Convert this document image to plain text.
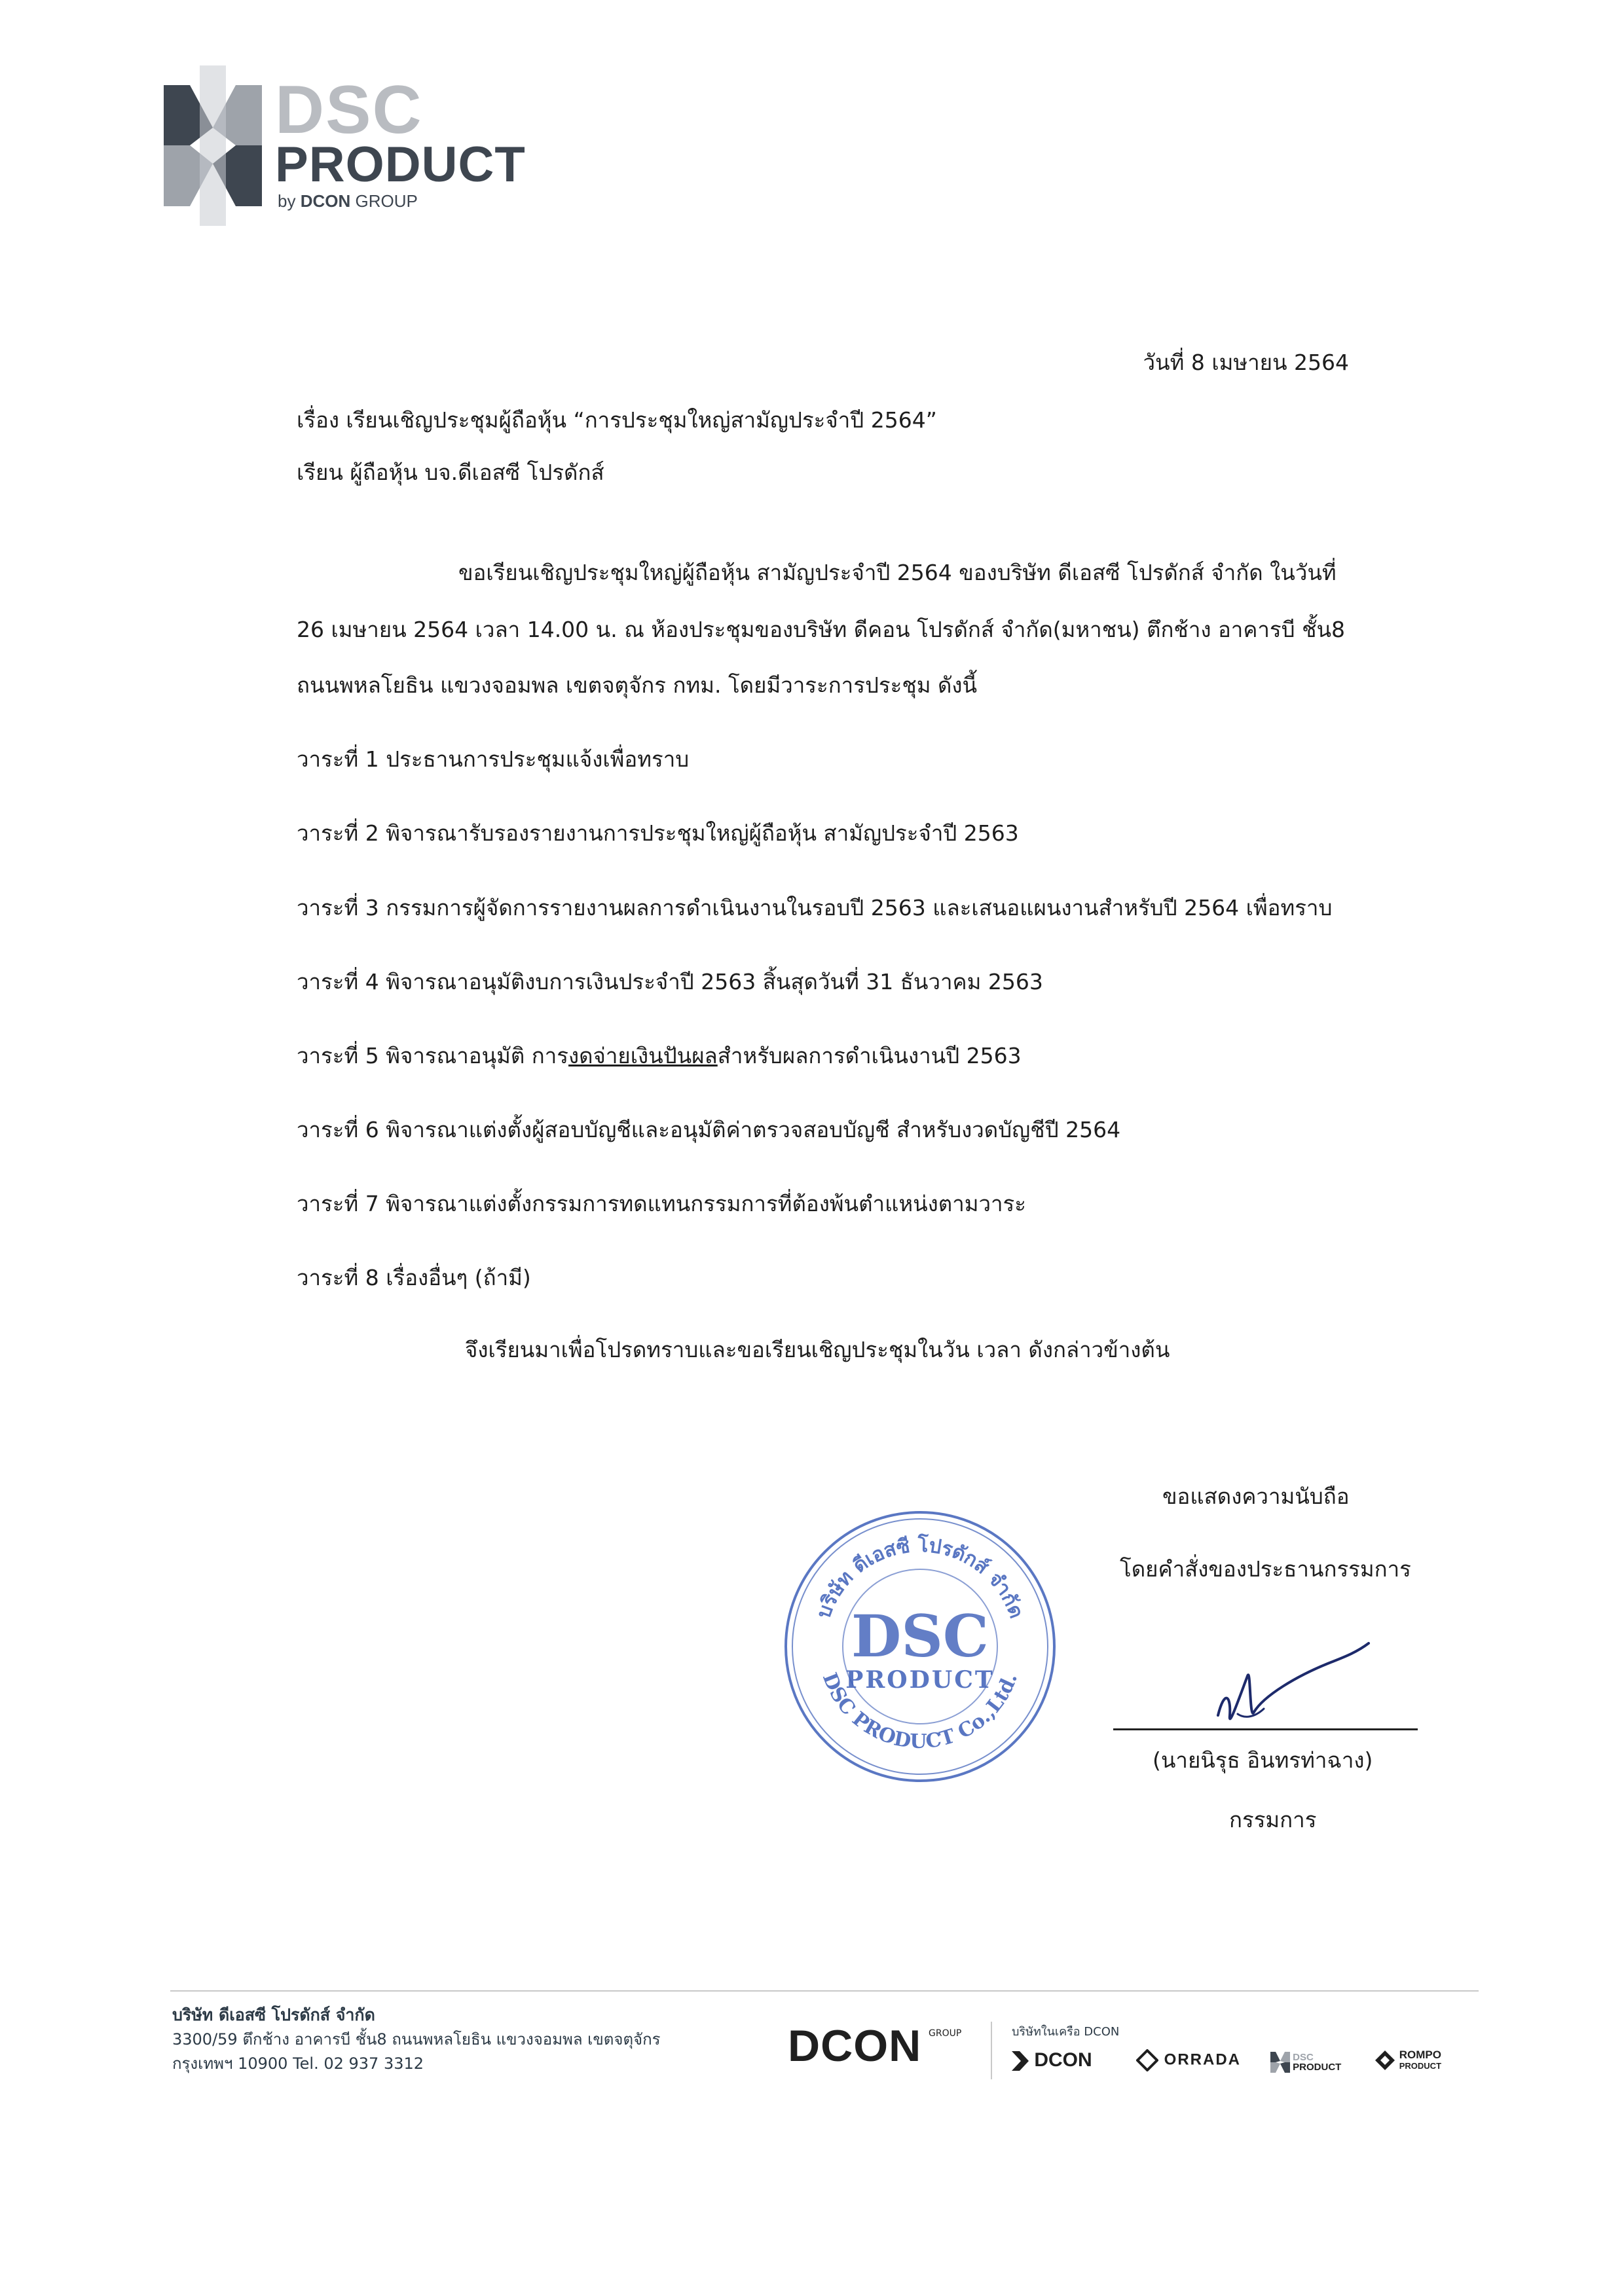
DSC
PRODUCT
by DCON GROUP
วันที่ 8 เมษายน 2564
เรื่อง เรียนเชิญประชุมผู้ถือหุ้น “การประชุมใหญ่สามัญประจำปี 2564”
เรียน ผู้ถือหุ้น บจ.ดีเอสซี โปรดักส์
ขอเรียนเชิญประชุมใหญ่ผู้ถือหุ้น สามัญประจำปี 2564 ของบริษัท ดีเอสซี โปรดักส์ จำกัด ในวันที่
26 เมษายน 2564 เวลา 14.00 น. ณ ห้องประชุมของบริษัท ดีคอน โปรดักส์ จำกัด(มหาชน) ตึกช้าง อาคารบี ชั้น8
ถนนพหลโยธิน แขวงจอมพล เขตจตุจักร กทม. โดยมีวาระการประชุม ดังนี้
วาระที่ 1 ประธานการประชุมแจ้งเพื่อทราบ
วาระที่ 2 พิจารณารับรองรายงานการประชุมใหญ่ผู้ถือหุ้น สามัญประจำปี 2563
วาระที่ 3 กรรมการผู้จัดการรายงานผลการดำเนินงานในรอบปี 2563 และเสนอแผนงานสำหรับปี 2564 เพื่อทราบ
วาระที่ 4 พิจารณาอนุมัติงบการเงินประจำปี 2563 สิ้นสุดวันที่ 31 ธันวาคม 2563
วาระที่ 5 พิจารณาอนุมัติ การงดจ่ายเงินปันผลสำหรับผลการดำเนินงานปี 2563
วาระที่ 6 พิจารณาแต่งตั้งผู้สอบบัญชีและอนุมัติค่าตรวจสอบบัญชี สำหรับงวดบัญชีปี 2564
วาระที่ 7 พิจารณาแต่งตั้งกรรมการทดแทนกรรมการที่ต้องพ้นตำแหน่งตามวาระ
วาระที่ 8 เรื่องอื่นๆ (ถ้ามี)
จึงเรียนมาเพื่อโปรดทราบและขอเรียนเชิญประชุมในวัน เวลา ดังกล่าวข้างต้น
ขอแสดงความนับถือ
โดยคำสั่งของประธานกรรมการ
บริษัท ดีเอสซี โปรดักส์ จำกัด
DSC PRODUCT Co.,Ltd.
DSC
PRODUCT
(นายนิรุธ อินทรท่าฉาง)
กรรมการ
บริษัท ดีเอสซี โปรดักส์ จำกัด
3300/59 ตึกช้าง อาคารบี ชั้น8 ถนนพหลโยธิน แขวงจอมพล เขตจตุจักร
กรุงเทพฯ 10900 Tel. 02 937 3312	DCON GROUP	บริษัทในเครือ DCON
DCON	ORRADA	DSC
PRODUCT
ROMPO
PRODUCT
